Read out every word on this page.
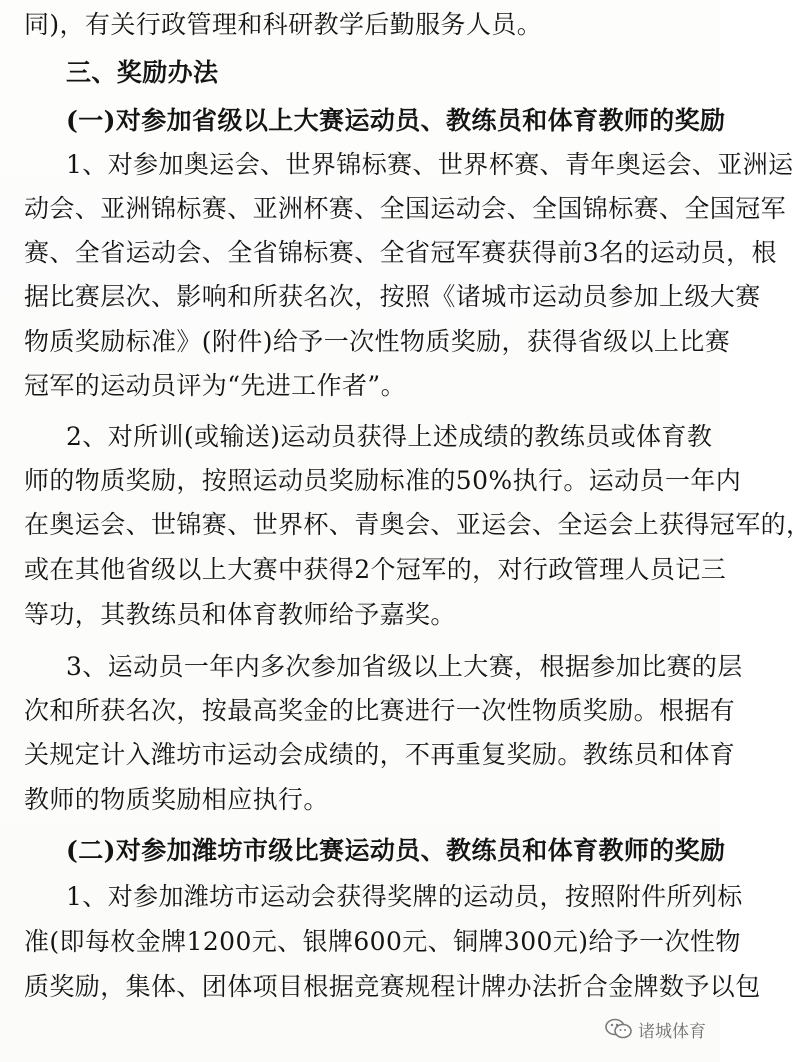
同)，有关行政管理和科研教学后勤服务人员。
三、奖励办法
(一)对参加省级以上大赛运动员、教练员和体育教师的奖励
1、对参加奥运会、世界锦标赛、世界杯赛、青年奥运会、亚洲运
动会、亚洲锦标赛、亚洲杯赛、全国运动会、全国锦标赛、全国冠军
赛、全省运动会、全省锦标赛、全省冠军赛获得前3名的运动员，根
据比赛层次、影响和所获名次，按照《诸城市运动员参加上级大赛
物质奖励标准》(附件)给予一次性物质奖励，获得省级以上比赛
冠军的运动员评为“先进工作者”。
2、对所训(或输送)运动员获得上述成绩的教练员或体育教
师的物质奖励，按照运动员奖励标准的50%执行。运动员一年内
在奥运会、世锦赛、世界杯、青奥会、亚运会、全运会上获得冠军的，
或在其他省级以上大赛中获得2个冠军的，对行政管理人员记三
等功，其教练员和体育教师给予嘉奖。
3、运动员一年内多次参加省级以上大赛，根据参加比赛的层
次和所获名次，按最高奖金的比赛进行一次性物质奖励。根据有
关规定计入潍坊市运动会成绩的，不再重复奖励。教练员和体育
教师的物质奖励相应执行。
(二)对参加潍坊市级比赛运动员、教练员和体育教师的奖励
1、对参加潍坊市运动会获得奖牌的运动员，按照附件所列标
准(即每枚金牌1200元、银牌600元、铜牌300元)给予一次性物
质奖励，集体、团体项目根据竞赛规程计牌办法折合金牌数予以包
诸城体育
